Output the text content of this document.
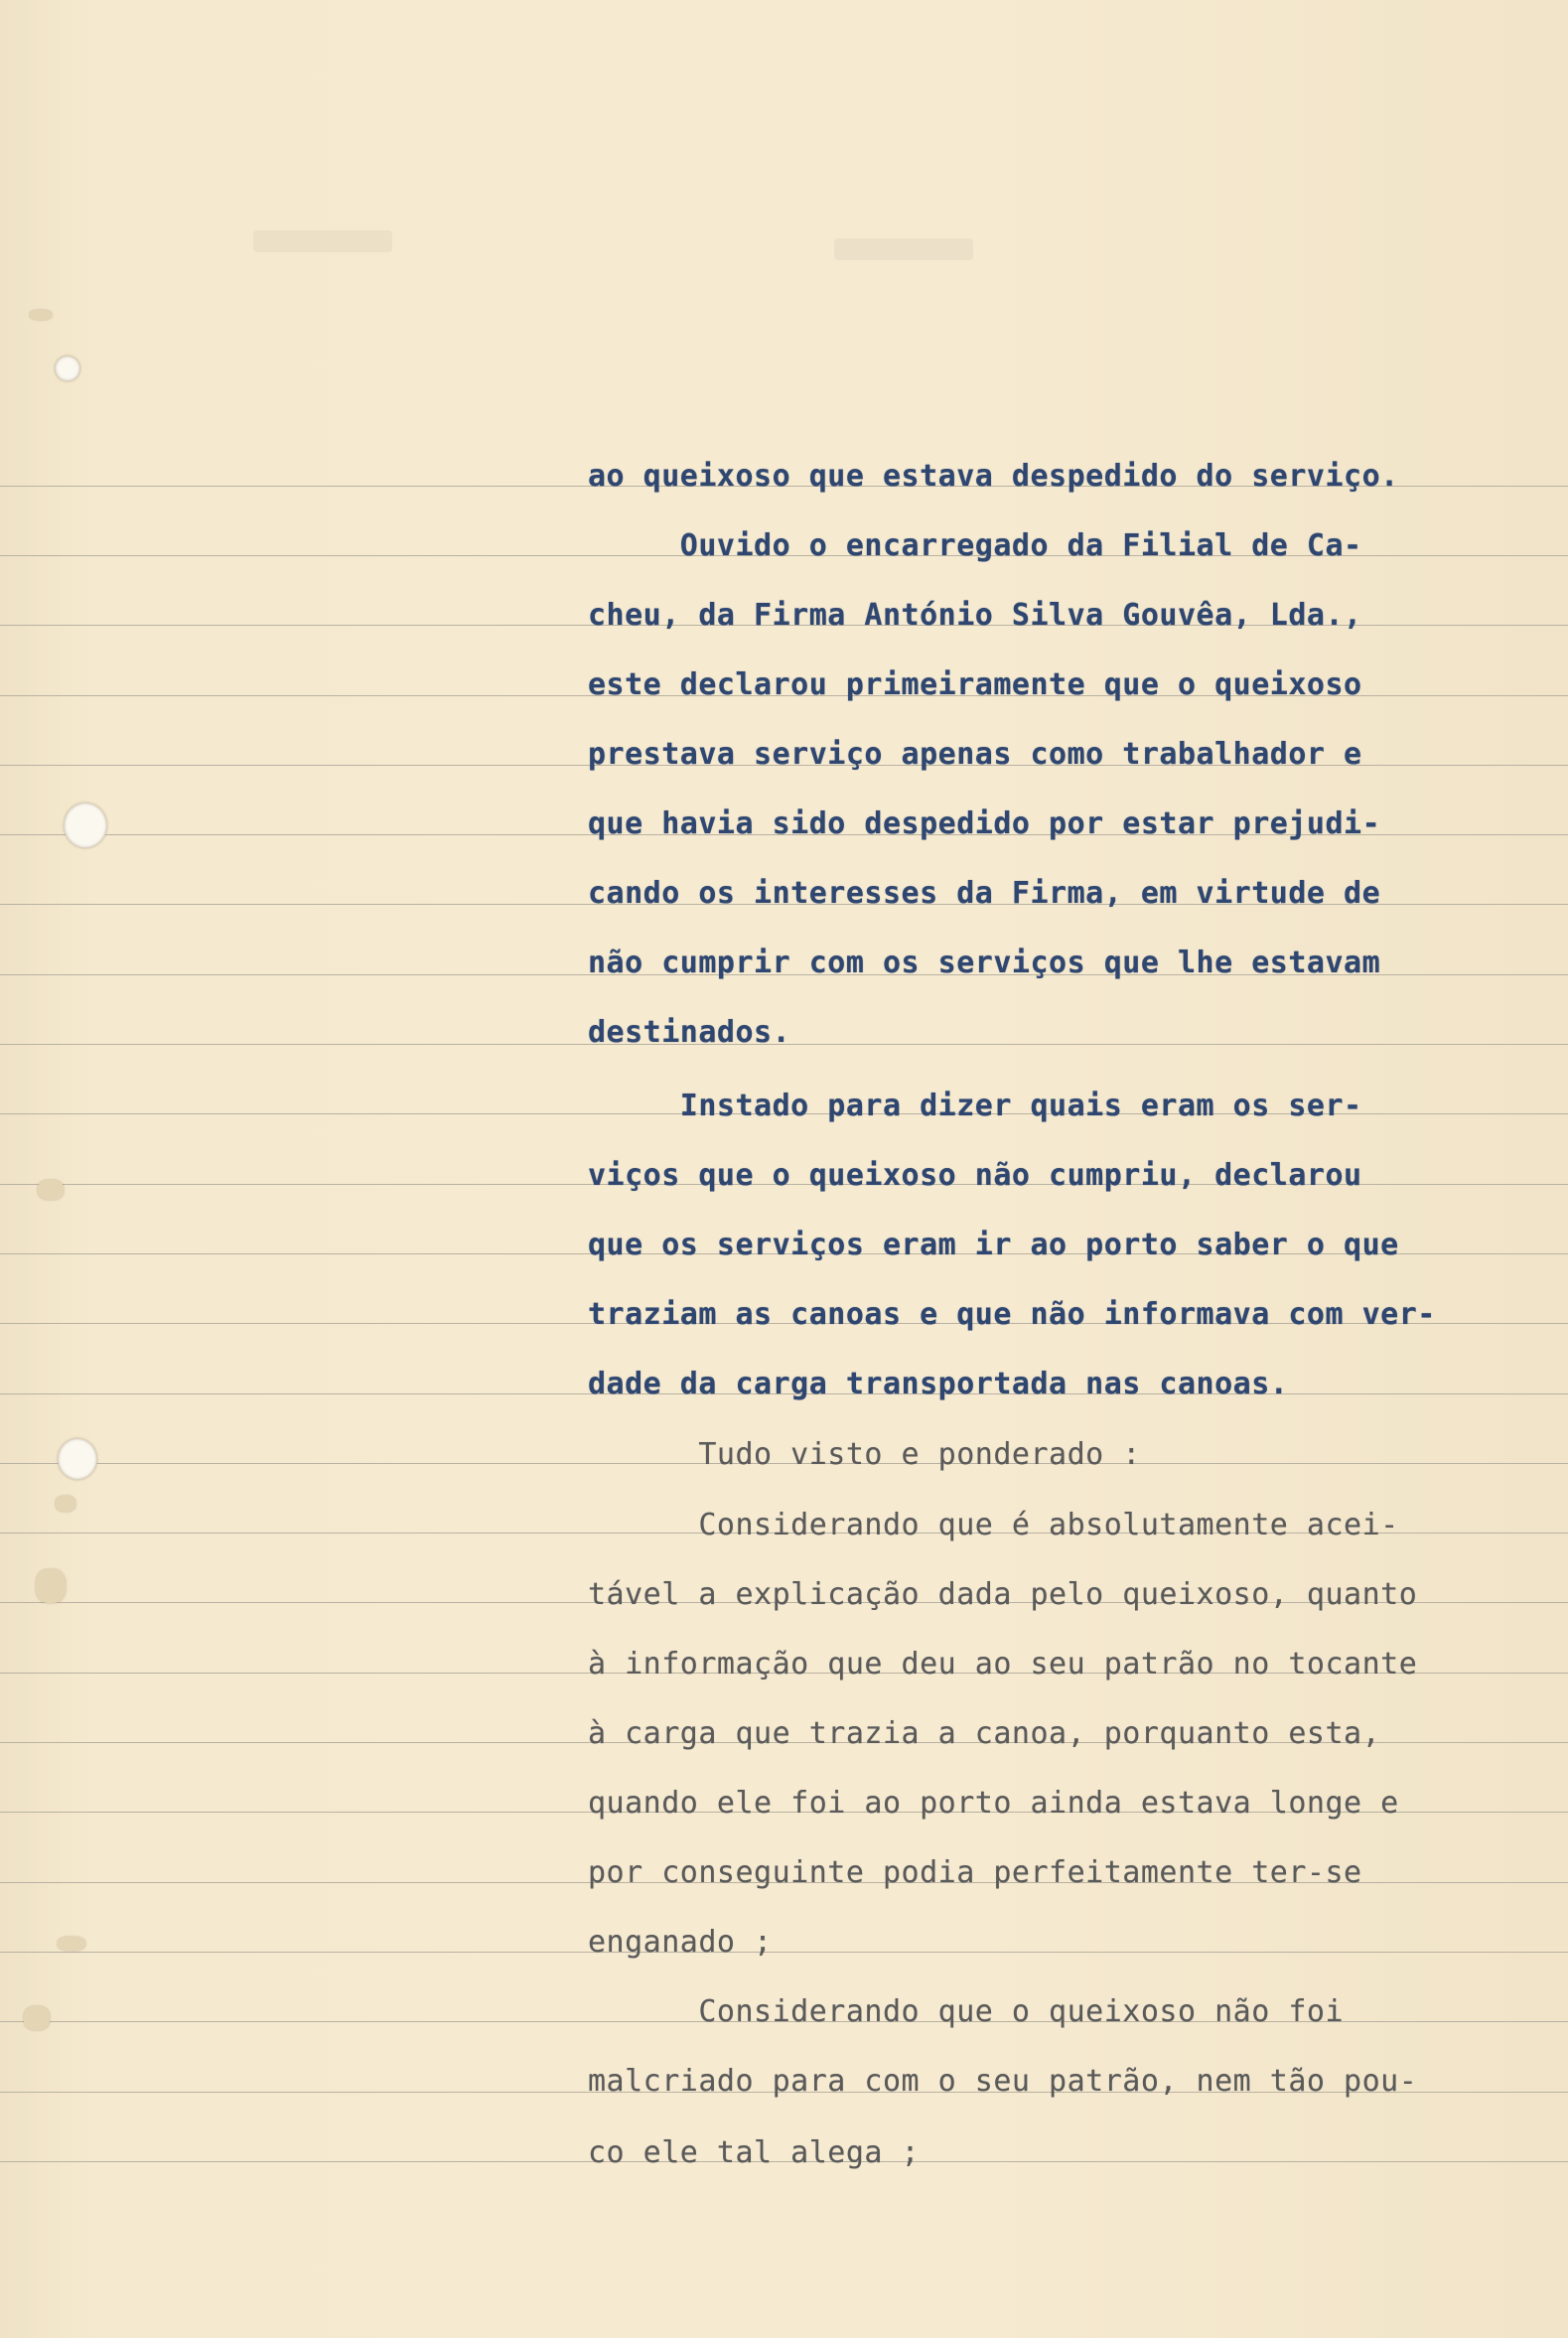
ao queixoso que estava despedido do serviço.
Ouvido o encarregado da Filial de Ca-
cheu, da Firma António Silva Gouvêa, Lda.,
este declarou primeiramente que o queixoso
prestava serviço apenas como trabalhador e
que havia sido despedido por estar prejudi-
cando os interesses da Firma, em virtude de
não cumprir com os serviços que lhe estavam
destinados.
Instado para dizer quais eram os ser-
viços que o queixoso não cumpriu, declarou
que os serviços eram ir ao porto saber o que
traziam as canoas e que não informava com ver-
dade da carga transportada nas canoas.
Tudo visto e ponderado :
Considerando que é absolutamente acei-
tável a explicação dada pelo queixoso, quanto
à informação que deu ao seu patrão no tocante
à carga que trazia a canoa, porquanto esta,
quando ele foi ao porto ainda estava longe e
por conseguinte podia perfeitamente ter-se
enganado ;
Considerando que o queixoso não foi
malcriado para com o seu patrão, nem tão pou-
co ele tal alega ;
